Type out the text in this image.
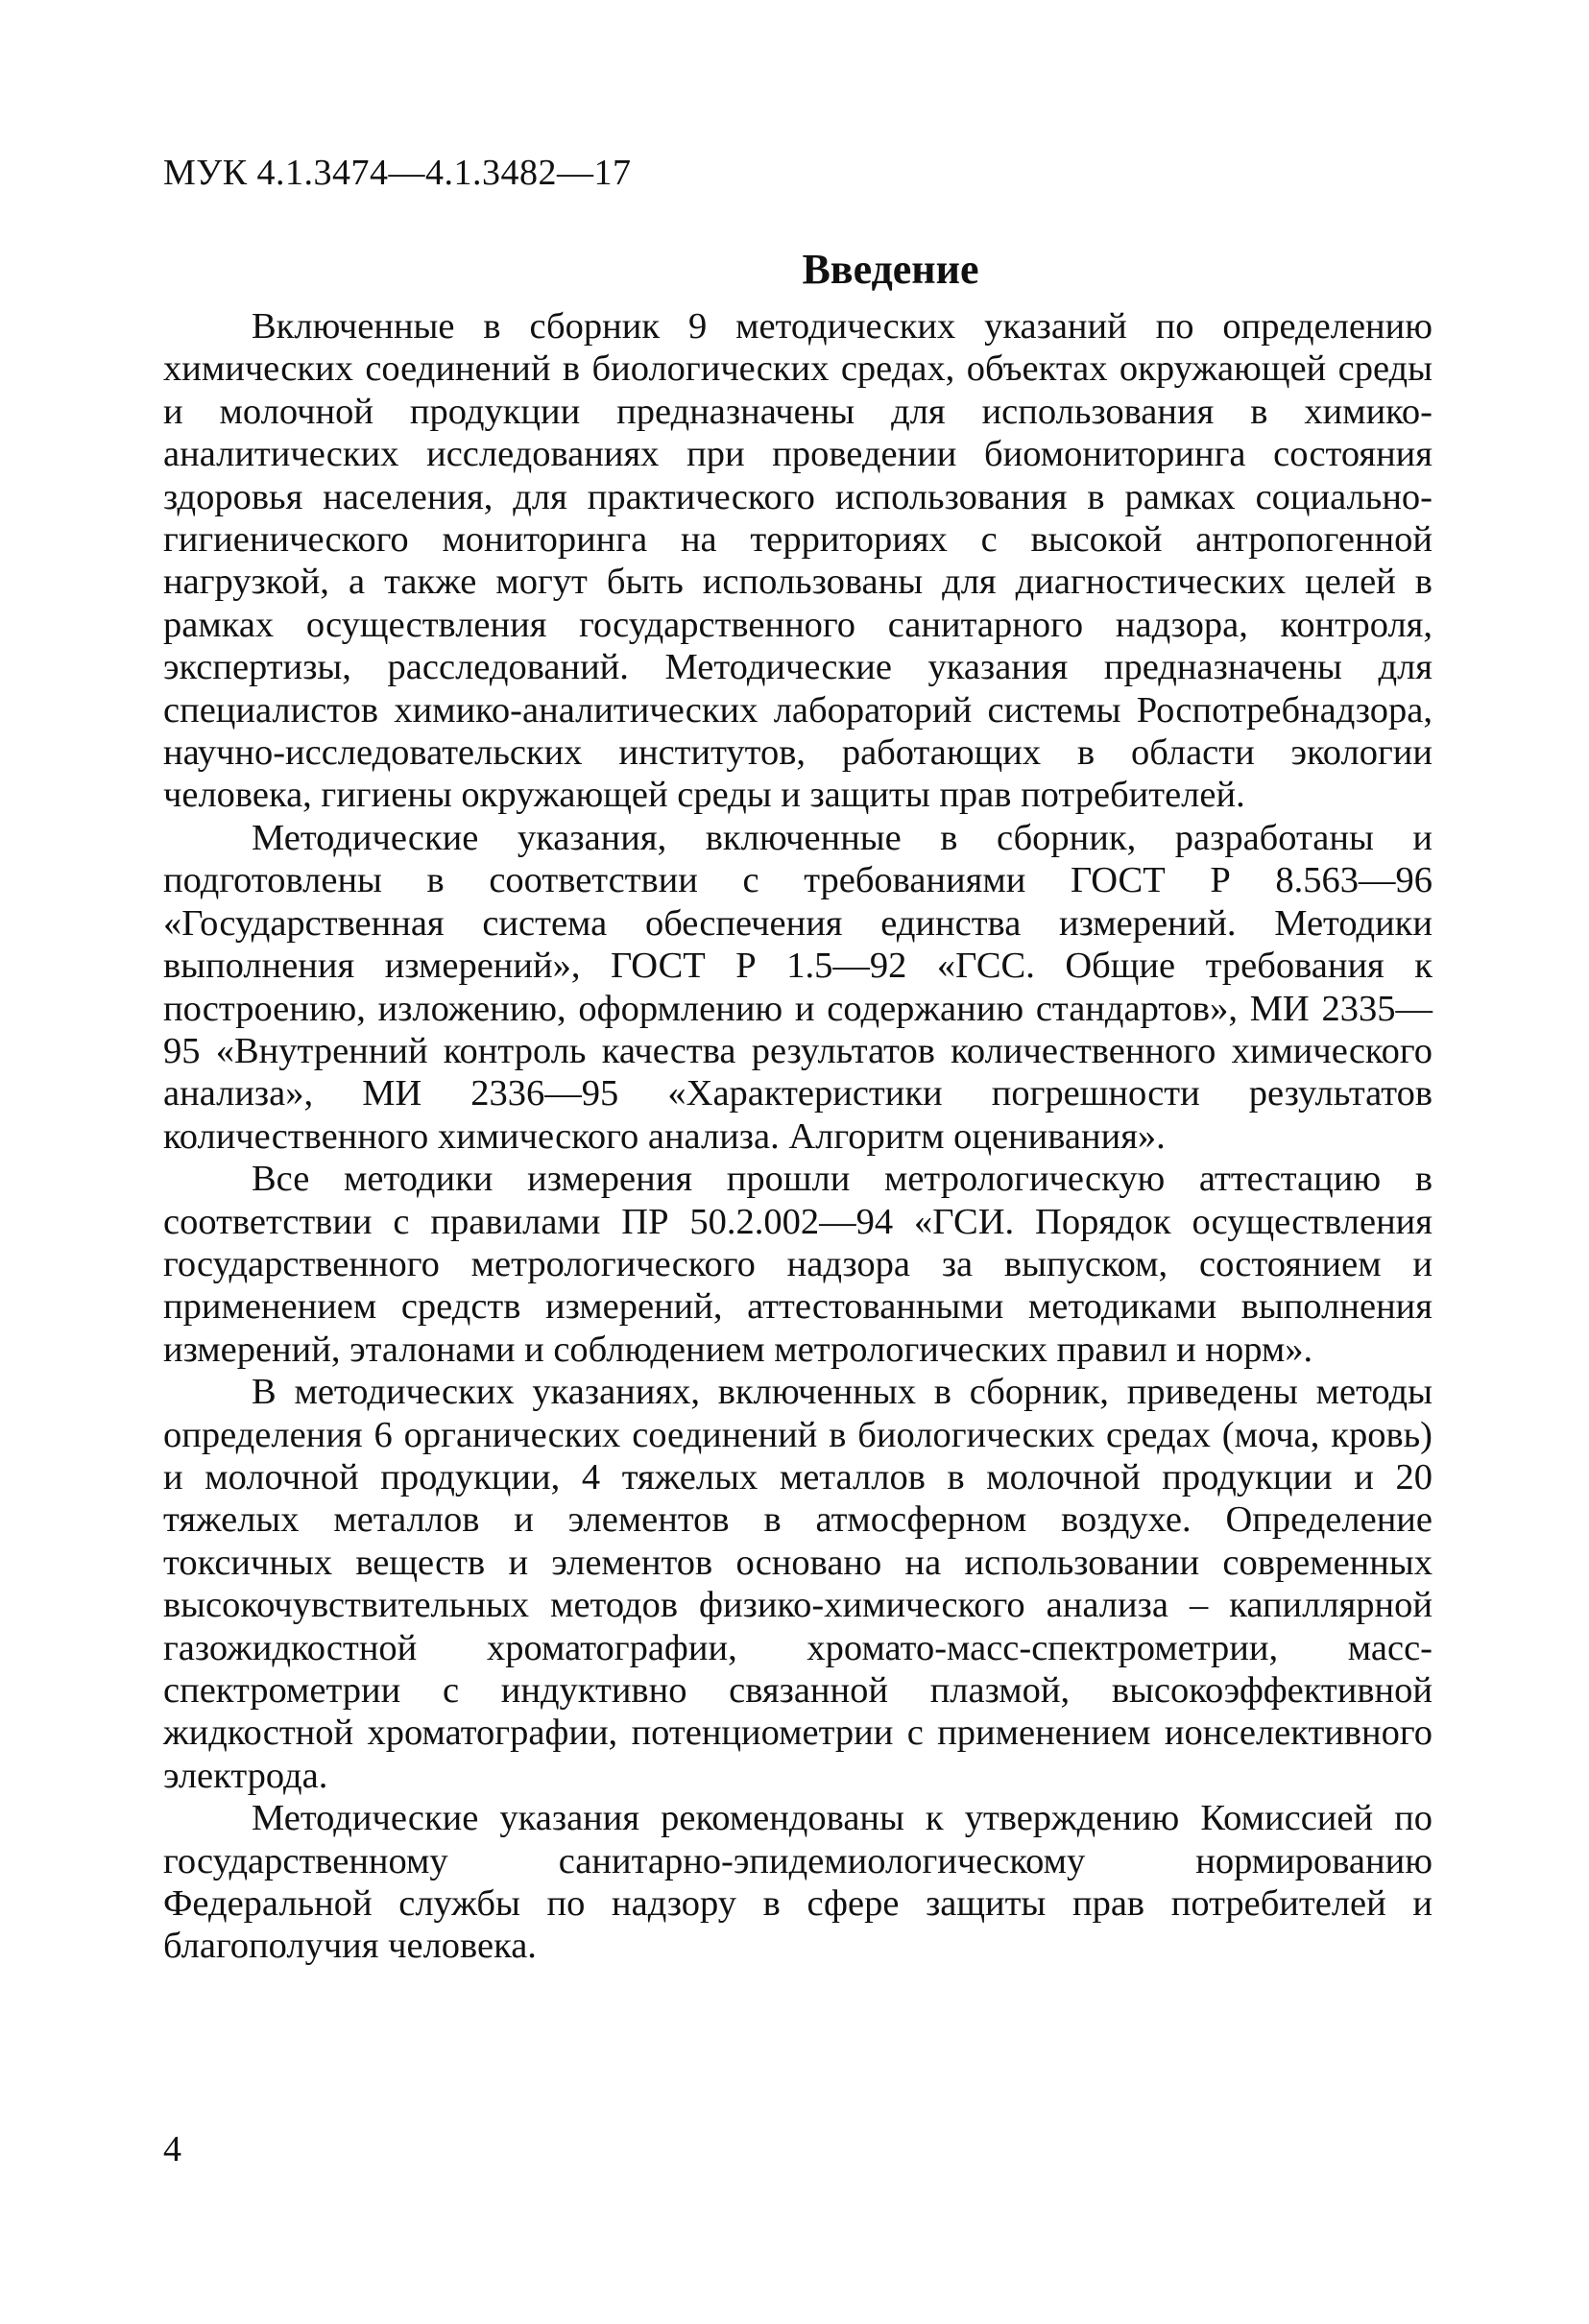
МУК 4.1.3474—4.1.3482—17
Введение

Включенные в сборник 9 методических указаний по определению химических соединений в биологических средах, объектах окружающей среды и молочной продукции предназначены для использования в химико-аналитических исследованиях при проведении биомониторинга состояния здоровья населения, для практического использования в рамках социально-гигиенического мониторинга на территориях с высокой антропогенной нагрузкой, а также могут быть использованы для диагностических целей в рамках осуществления государственного санитарного надзора, контроля, экспертизы, расследований. Методические указания предназначены для специалистов химико-аналитических лабораторий системы Роспотребнадзора, научно-исследовательских институтов, работающих в области экологии человека, гигиены окружающей среды и защиты прав потребителей.

Методические указания, включенные в сборник, разработаны и подготовлены в соответствии с требованиями ГОСТ Р 8.563—96 «Государственная система обеспечения единства измерений. Методики выполнения измерений», ГОСТ Р 1.5—92 «ГСС. Общие требования к построению, изложению, оформлению и содержанию стандартов», МИ 2335—95 «Внутренний контроль качества результатов количественного химического анализа», МИ 2336—95 «Характеристики погрешности результатов количественного химического анализа. Алгоритм оценивания».

Все методики измерения прошли метрологическую аттестацию в соответствии с правилами ПР 50.2.002—94 «ГСИ. Порядок осуществления государственного метрологического надзора за выпуском, состоянием и применением средств измерений, аттестованными методиками выполнения измерений, эталонами и соблюдением метрологических правил и норм».

В методических указаниях, включенных в сборник, приведены методы определения 6 органических соединений в биологических средах (моча, кровь) и молочной продукции, 4 тяжелых металлов в молочной продукции и 20 тяжелых металлов и элементов в атмосферном воздухе. Определение токсичных веществ и элементов основано на использовании современных высокочувствительных методов физико-химического анализа – капиллярной газожидкостной хроматографии, хромато-масс-спектрометрии, масс-спектрометрии с индуктивно связанной плазмой, высокоэффективной жидкостной хроматографии, потенциометрии с применением ионселективного электрода.

Методические указания рекомендованы к утверждению Комиссией по государственному санитарно-эпидемиологическому нормированию Федеральной службы по надзору в сфере защиты прав потребителей и благополучия человека.

4
